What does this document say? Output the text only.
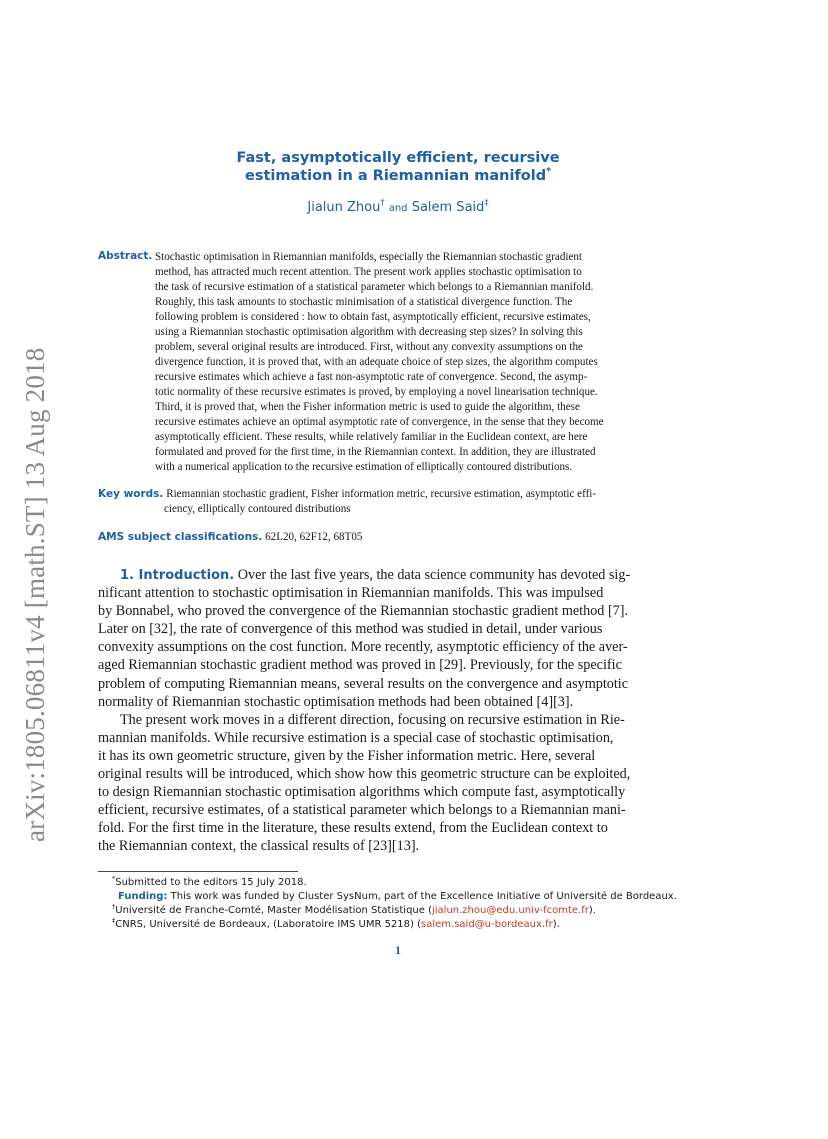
arXiv:1805.06811v4 [math.ST] 13 Aug 2018
Fast, asymptotically efficient, recursive
estimation in a Riemannian manifold*
Jialun Zhou† and Salem Said‡
Abstract. Stochastic optimisation in Riemannian manifolds, especially the Riemannian stochastic gradient
method, has attracted much recent attention. The present work applies stochastic optimisation to
the task of recursive estimation of a statistical parameter which belongs to a Riemannian manifold.
Roughly, this task amounts to stochastic minimisation of a statistical divergence function. The
following problem is considered : how to obtain fast, asymptotically efficient, recursive estimates,
using a Riemannian stochastic optimisation algorithm with decreasing step sizes? In solving this
problem, several original results are introduced. First, without any convexity assumptions on the
divergence function, it is proved that, with an adequate choice of step sizes, the algorithm computes
recursive estimates which achieve a fast non-asymptotic rate of convergence. Second, the asymp-
totic normality of these recursive estimates is proved, by employing a novel linearisation technique.
Third, it is proved that, when the Fisher information metric is used to guide the algorithm, these
recursive estimates achieve an optimal asymptotic rate of convergence, in the sense that they become
asymptotically efficient. These results, while relatively familiar in the Euclidean context, are here
formulated and proved for the first time, in the Riemannian context. In addition, they are illustrated
with a numerical application to the recursive estimation of elliptically contoured distributions.
Key words. Riemannian stochastic gradient, Fisher information metric, recursive estimation, asymptotic effi-
ciency, elliptically contoured distributions
AMS subject classifications. 62L20, 62F12, 68T05
1. Introduction. Over the last five years, the data science community has devoted sig-
nificant attention to stochastic optimisation in Riemannian manifolds. This was impulsed
by Bonnabel, who proved the convergence of the Riemannian stochastic gradient method [7].
Later on [32], the rate of convergence of this method was studied in detail, under various
convexity assumptions on the cost function. More recently, asymptotic efficiency of the aver-
aged Riemannian stochastic gradient method was proved in [29]. Previously, for the specific
problem of computing Riemannian means, several results on the convergence and asymptotic
normality of Riemannian stochastic optimisation methods had been obtained [4][3].
The present work moves in a different direction, focusing on recursive estimation in Rie-
mannian manifolds. While recursive estimation is a special case of stochastic optimisation,
it has its own geometric structure, given by the Fisher information metric. Here, several
original results will be introduced, which show how this geometric structure can be exploited,
to design Riemannian stochastic optimisation algorithms which compute fast, asymptotically
efficient, recursive estimates, of a statistical parameter which belongs to a Riemannian mani-
fold. For the first time in the literature, these results extend, from the Euclidean context to
the Riemannian context, the classical results of [23][13].
*Submitted to the editors 15 July 2018.
Funding: This work was funded by Cluster SysNum, part of the Excellence Initiative of Université de Bordeaux.
†Université de Franche-Comté, Master Modélisation Statistique (jialun.zhou@edu.univ-fcomte.fr).
‡CNRS, Université de Bordeaux, (Laboratoire IMS UMR 5218) (salem.said@u-bordeaux.fr).
1
